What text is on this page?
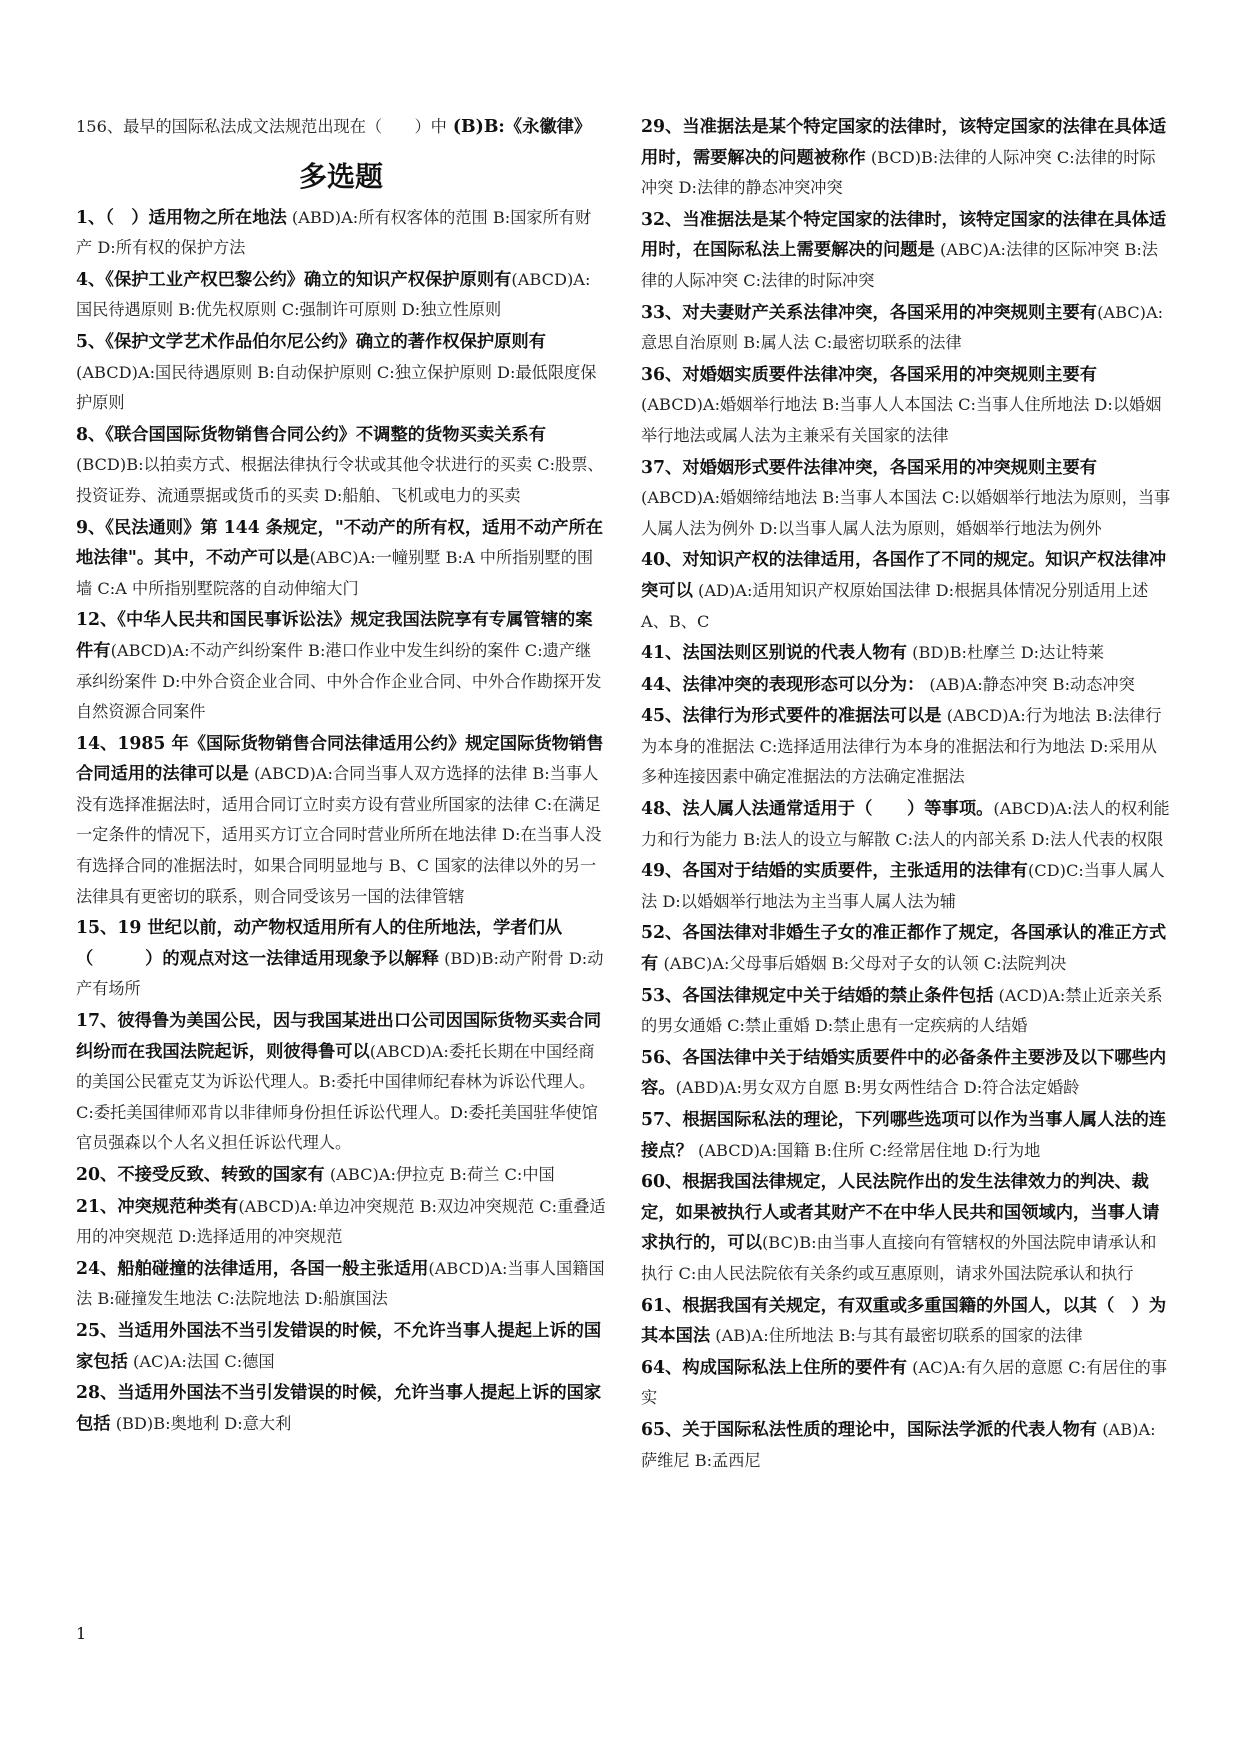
156、最早的国际私法成文法规范出现在（　　）中 (B)B:《永徽律》

多选题

1、（　）适用物之所在地法 (ABD)A:所有权客体的范围 B:国家所有财产 D:所有权的保护方法

4、《保护工业产权巴黎公约》确立的知识产权保护原则有(ABCD)A:国民待遇原则 B:优先权原则 C:强制许可原则 D:独立性原则

5、《保护文学艺术作品伯尔尼公约》确立的著作权保护原则有(ABCD)A:国民待遇原则 B:自动保护原则 C:独立保护原则 D:最低限度保护原则

8、《联合国国际货物销售合同公约》不调整的货物买卖关系有(BCD)B:以拍卖方式、根据法律执行令状或其他令状进行的买卖 C:股票、投资证券、流通票据或货币的买卖 D:船舶、飞机或电力的买卖

9、《民法通则》第 144 条规定，"不动产的所有权，适用不动产所在地法律"。其中，不动产可以是(ABC)A:一幢别墅 B:A 中所指别墅的围墙 C:A 中所指别墅院落的自动伸缩大门

12、《中华人民共和国民事诉讼法》规定我国法院享有专属管辖的案件有(ABCD)A:不动产纠纷案件 B:港口作业中发生纠纷的案件 C:遗产继承纠纷案件 D:中外合资企业合同、中外合作企业合同、中外合作勘探开发自然资源合同案件

14、1985 年《国际货物销售合同法律适用公约》规定国际货物销售合同适用的法律可以是 (ABCD)A:合同当事人双方选择的法律 B:当事人没有选择准据法时，适用合同订立时卖方设有营业所国家的法律 C:在满足一定条件的情况下，适用买方订立合同时营业所所在地法律 D:在当事人没有选择合同的准据法时，如果合同明显地与 B、C 国家的法律以外的另一法律具有更密切的联系，则合同受该另一国的法律管辖

15、19 世纪以前，动产物权适用所有人的住所地法，学者们从（　　　）的观点对这一法律适用现象予以解释 (BD)B:动产附骨 D:动产有场所

17、彼得鲁为美国公民，因与我国某进出口公司因国际货物买卖合同纠纷而在我国法院起诉，则彼得鲁可以(ABCD)A:委托长期在中国经商的美国公民霍克艾为诉讼代理人。B:委托中国律师纪春林为诉讼代理人。C:委托美国律师邓肯以非律师身份担任诉讼代理人。D:委托美国驻华使馆官员强森以个人名义担任诉讼代理人。

20、不接受反致、转致的国家有 (ABC)A:伊拉克 B:荷兰 C:中国

21、冲突规范种类有(ABCD)A:单边冲突规范 B:双边冲突规范 C:重叠适用的冲突规范 D:选择适用的冲突规范

24、船舶碰撞的法律适用，各国一般主张适用(ABCD)A:当事人国籍国法 B:碰撞发生地法 C:法院地法 D:船旗国法

25、当适用外国法不当引发错误的时候，不允许当事人提起上诉的国家包括 (AC)A:法国 C:德国

28、当适用外国法不当引发错误的时候，允许当事人提起上诉的国家包括 (BD)B:奥地利 D:意大利

29、当准据法是某个特定国家的法律时，该特定国家的法律在具体适用时，需要解决的问题被称作 (BCD)B:法律的人际冲突 C:法律的时际冲突 D:法律的静态冲突冲突

32、当准据法是某个特定国家的法律时，该特定国家的法律在具体适用时，在国际私法上需要解决的问题是 (ABC)A:法律的区际冲突 B:法律的人际冲突 C:法律的时际冲突

33、对夫妻财产关系法律冲突，各国采用的冲突规则主要有(ABC)A:意思自治原则 B:属人法 C:最密切联系的法律

36、对婚姻实质要件法律冲突，各国采用的冲突规则主要有(ABCD)A:婚姻举行地法 B:当事人人本国法 C:当事人住所地法 D:以婚姻举行地法或属人法为主兼采有关国家的法律

37、对婚姻形式要件法律冲突，各国采用的冲突规则主要有(ABCD)A:婚姻缔结地法 B:当事人本国法 C:以婚姻举行地法为原则，当事人属人法为例外 D:以当事人属人法为原则，婚姻举行地法为例外

40、对知识产权的法律适用，各国作了不同的规定。知识产权法律冲突可以 (AD)A:适用知识产权原始国法律 D:根据具体情况分别适用上述 A、B、C

41、法国法则区别说的代表人物有 (BD)B:杜摩兰 D:达让特莱

44、法律冲突的表现形态可以分为： (AB)A:静态冲突 B:动态冲突

45、法律行为形式要件的准据法可以是 (ABCD)A:行为地法 B:法律行为本身的准据法 C:选择适用法律行为本身的准据法和行为地法 D:采用从多种连接因素中确定准据法的方法确定准据法

48、法人属人法通常适用于（　　）等事项。(ABCD)A:法人的权利能力和行为能力 B:法人的设立与解散 C:法人的内部关系 D:法人代表的权限

49、各国对于结婚的实质要件，主张适用的法律有(CD)C:当事人属人法 D:以婚姻举行地法为主当事人属人法为辅

52、各国法律对非婚生子女的准正都作了规定，各国承认的准正方式有 (ABC)A:父母事后婚姻 B:父母对子女的认领 C:法院判决

53、各国法律规定中关于结婚的禁止条件包括 (ACD)A:禁止近亲关系的男女通婚 C:禁止重婚 D:禁止患有一定疾病的人结婚

56、各国法律中关于结婚实质要件中的必备条件主要涉及以下哪些内容。(ABD)A:男女双方自愿 B:男女两性结合 D:符合法定婚龄

57、根据国际私法的理论，下列哪些选项可以作为当事人属人法的连接点？ (ABCD)A:国籍 B:住所 C:经常居住地 D:行为地

60、根据我国法律规定，人民法院作出的发生法律效力的判决、裁定，如果被执行人或者其财产不在中华人民共和国领域内，当事人请求执行的，可以(BC)B:由当事人直接向有管辖权的外国法院申请承认和执行 C:由人民法院依有关条约或互惠原则，请求外国法院承认和执行

61、根据我国有关规定，有双重或多重国籍的外国人，以其（　）为其本国法 (AB)A:住所地法 B:与其有最密切联系的国家的法律

64、构成国际私法上住所的要件有 (AC)A:有久居的意愿 C:有居住的事实

65、关于国际私法性质的理论中，国际法学派的代表人物有 (AB)A:萨维尼 B:孟西尼

1
